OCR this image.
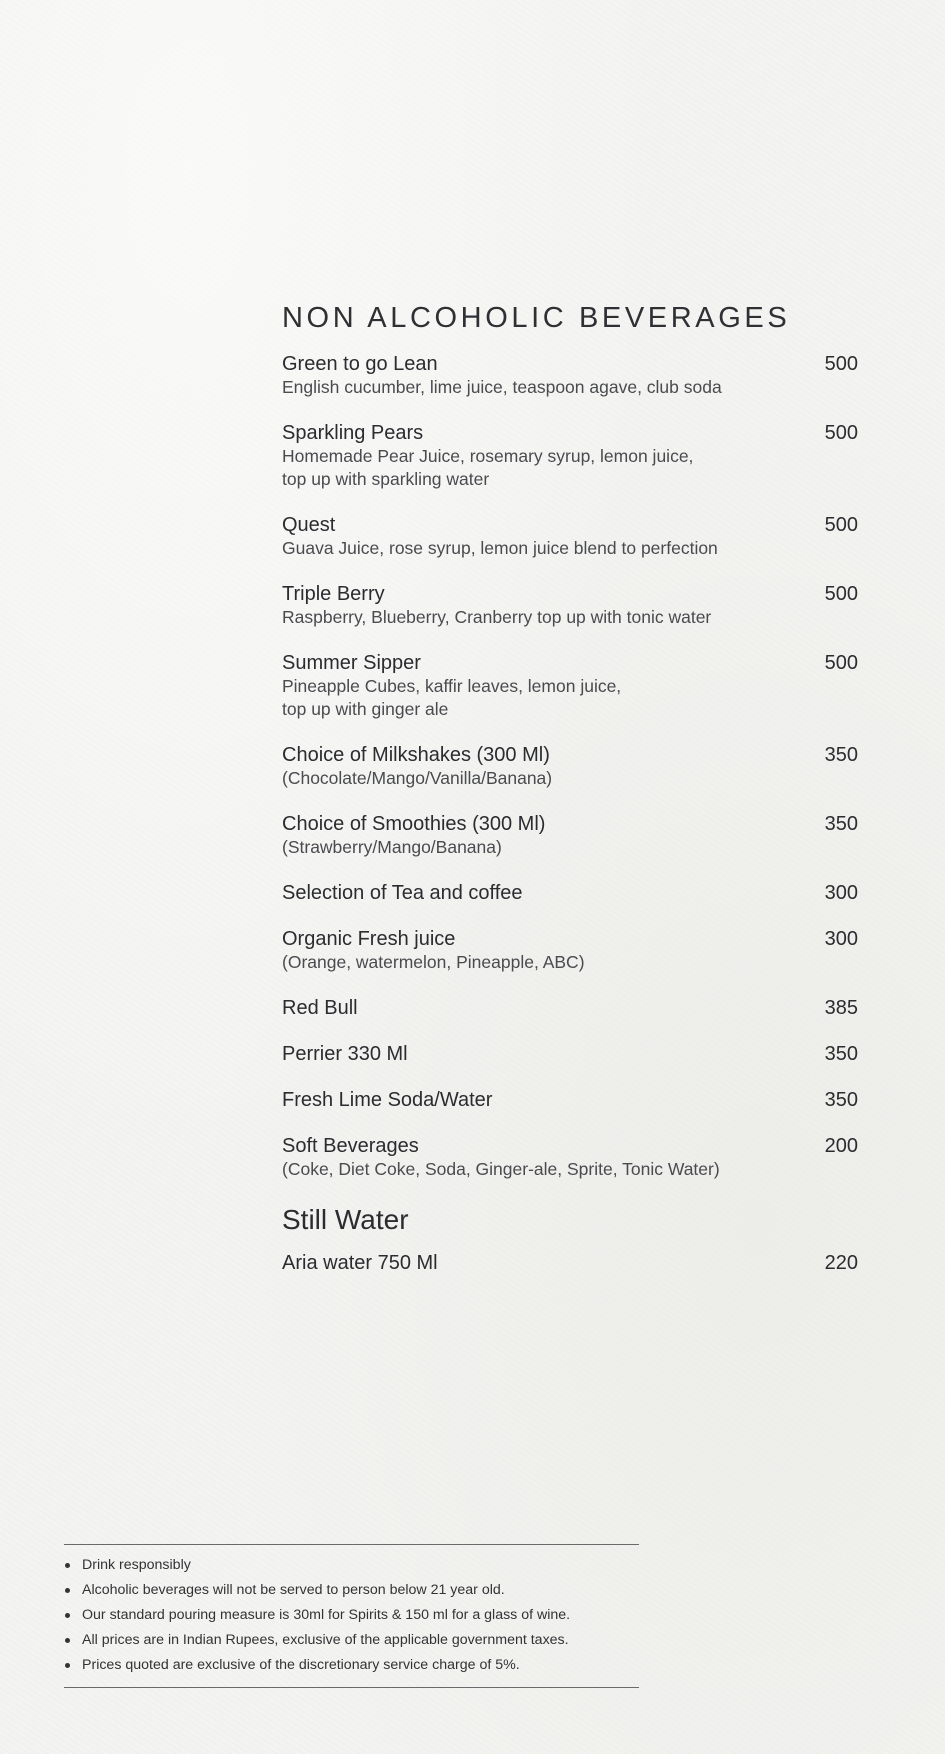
NON ALCOHOLIC BEVERAGES
Green to go Lean	500
English cucumber, lime juice, teaspoon agave, club soda
Sparkling Pears	500
Homemade Pear Juice, rosemary syrup, lemon juice,
top up with sparkling water
Quest	500
Guava Juice, rose syrup, lemon juice blend to perfection
Triple Berry	500
Raspberry, Blueberry, Cranberry top up with tonic water
Summer Sipper	500
Pineapple Cubes, kaffir leaves, lemon juice,
top up with ginger ale
Choice of Milkshakes (300 Ml)	350
(Chocolate/Mango/Vanilla/Banana)
Choice of Smoothies (300 Ml)	350
(Strawberry/Mango/Banana)
Selection of Tea and coffee	300
Organic Fresh juice	300
(Orange, watermelon, Pineapple, ABC)
Red Bull	385
Perrier 330 Ml	350
Fresh Lime Soda/Water	350
Soft Beverages	200
(Coke, Diet Coke, Soda, Ginger-ale, Sprite, Tonic Water)
Still Water
Aria water 750 Ml	220
Drink responsibly
Alcoholic beverages will not be served to person below 21 year old.
Our standard pouring measure is 30ml for Spirits & 150 ml for a glass of wine.
All prices are in Indian Rupees, exclusive of the applicable government taxes.
Prices quoted are exclusive of the discretionary service charge of 5%.
